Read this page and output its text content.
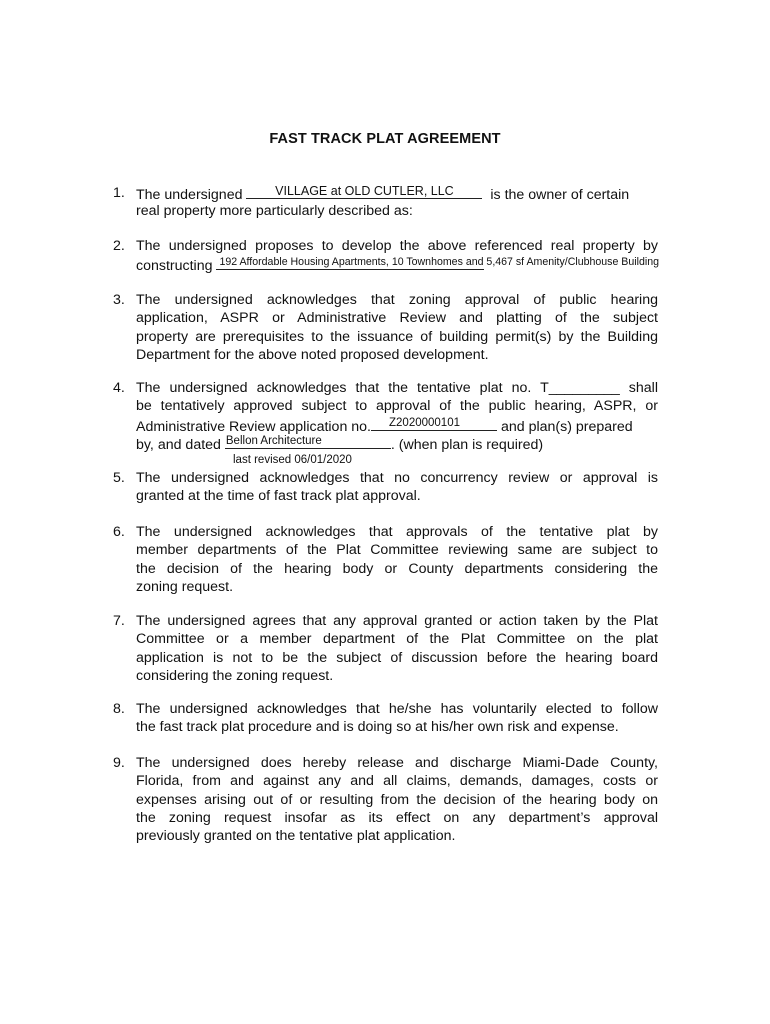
FAST TRACK PLAT AGREEMENT
1. The undersigned	VILLAGE at OLD CUTLER, LLC	is the owner of certain
real property more particularly described as:
2. The undersigned proposes to develop the above referenced real property by
constructing 192 Affordable Housing Apartments, 10 Townhomes and 5,467 sf Amenity/Clubhouse Building
3. The undersigned acknowledges that zoning approval of public hearing
application, ASPR or Administrative Review and platting of the subject
property are prerequisites to the issuance of building permit(s) by the Building
Department for the above noted proposed development.
4. The undersigned acknowledges that the tentative plat no. T_________ shall
be tentatively approved subject to approval of the public hearing, ASPR, or
Administrative Review application no. Z2020000101	and plan(s) prepared
by, and dated Bellon Architecture	. (when plan is required)
last revised 06/01/2020
5. The undersigned acknowledges that no concurrency review or approval is
granted at the time of fast track plat approval.
6. The undersigned acknowledges that approvals of the tentative plat by
member departments of the Plat Committee reviewing same are subject to
the decision of the hearing body or County departments considering the
zoning request.
7. The undersigned agrees that any approval granted or action taken by the Plat
Committee or a member department of the Plat Committee on the plat
application is not to be the subject of discussion before the hearing board
considering the zoning request.
8. The undersigned acknowledges that he/she has voluntarily elected to follow
the fast track plat procedure and is doing so at his/her own risk and expense.
9. The undersigned does hereby release and discharge Miami-Dade County,
Florida, from and against any and all claims, demands, damages, costs or
expenses arising out of or resulting from the decision of the hearing body on
the zoning request insofar as its effect on any department’s approval
previously granted on the tentative plat application.
